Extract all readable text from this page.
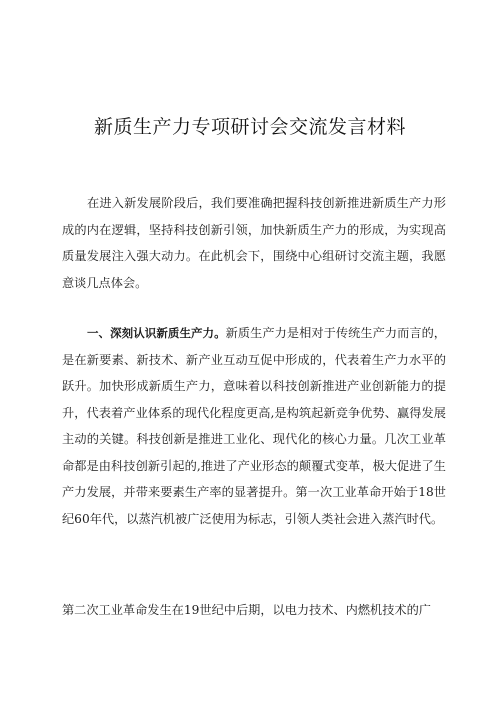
新质生产力专项研讨会交流发言材料

在进入新发展阶段后，我们要准确把握科技创新推进新质生产力形成的内在逻辑，坚持科技创新引领，加快新质生产力的形成，为实现高质量发展注入强大动力。在此机会下，围绕中心组研讨交流主题，我愿意谈几点体会。

一、深刻认识新质生产力。新质生产力是相对于传统生产力而言的，是在新要素、新技术、新产业互动互促中形成的，代表着生产力水平的跃升。加快形成新质生产力，意味着以科技创新推进产业创新能力的提升，代表着产业体系的现代化程度更高,是构筑起新竞争优势、赢得发展主动的关键。科技创新是推进工业化、现代化的核心力量。几次工业革命都是由科技创新引起的,推进了产业形态的颠覆式变革，极大促进了生产力发展，并带来要素生产率的显著提升。第一次工业革命开始于18世纪60年代，以蒸汽机被广泛使用为标志，引领人类社会进入蒸汽时代。

第二次工业革命发生在19世纪中后期，以电力技术、内燃机技术的广
